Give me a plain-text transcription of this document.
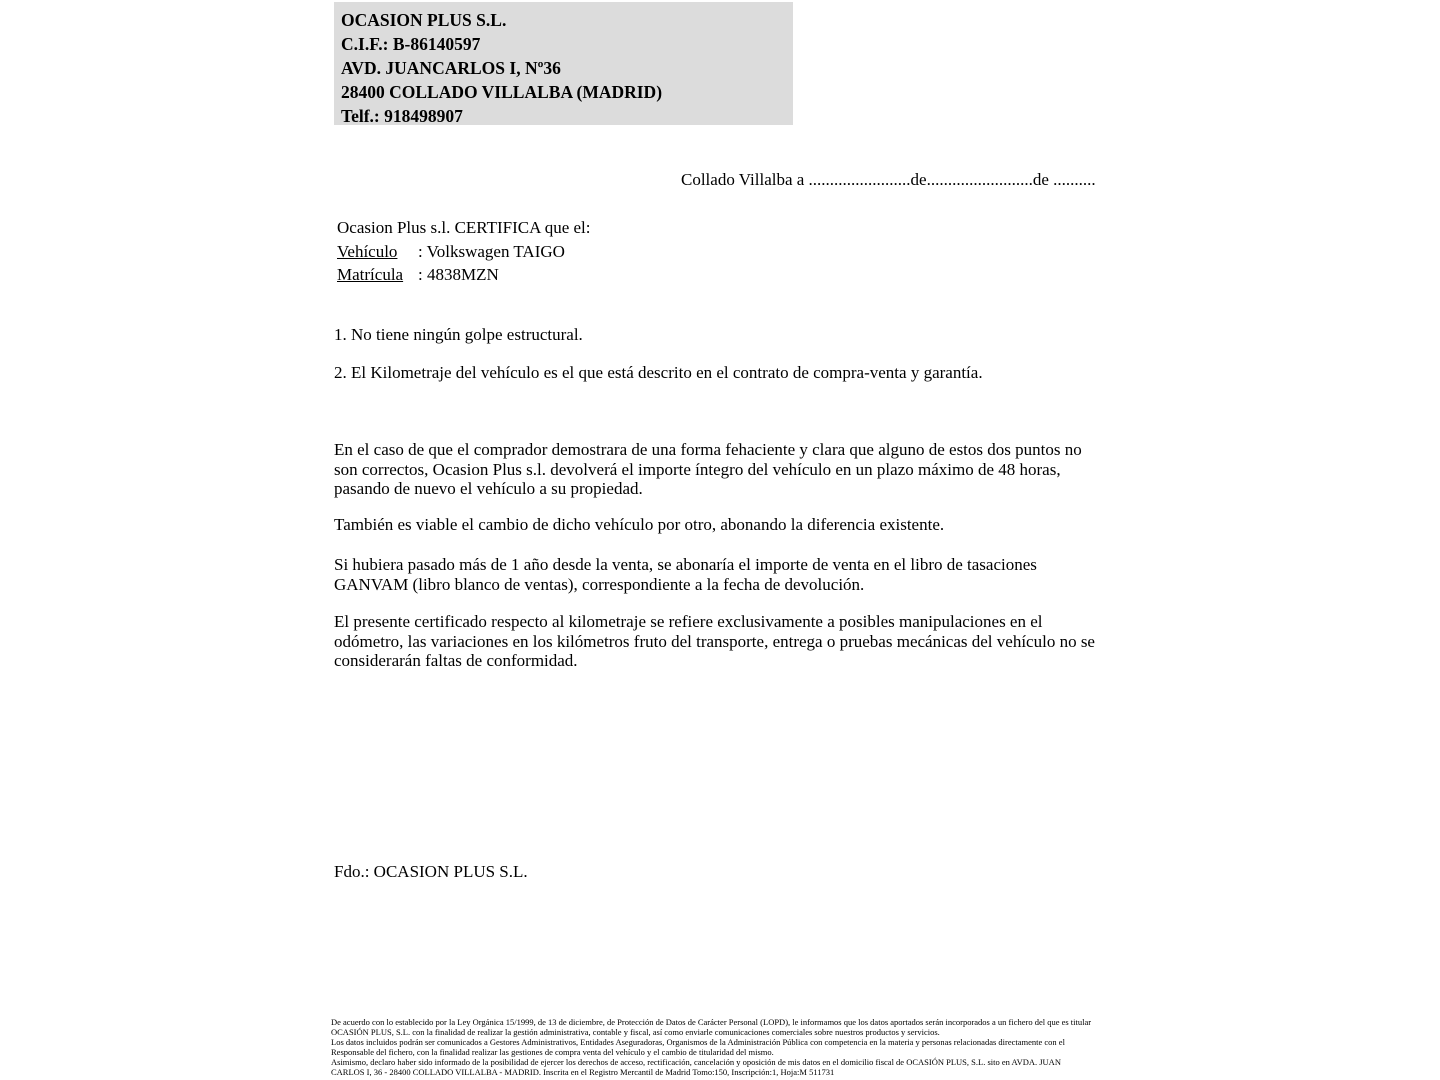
OCASION PLUS S.L.
C.I.F.: B-86140597
AVD. JUANCARLOS I, Nº36
28400 COLLADO VILLALBA (MADRID)
Telf.: 918498907
Collado Villalba a ........................de.........................de ..........
Ocasion Plus s.l. CERTIFICA que el:
Vehículo : Volkswagen TAIGO
Matrícula : 4838MZN
1. No tiene ningún golpe estructural.
2. El Kilometraje del vehículo es el que está descrito en el contrato de compra-venta y garantía.
En el caso de que el comprador demostrara de una forma fehaciente y clara que alguno de estos dos puntos no son correctos, Ocasion Plus s.l. devolverá el importe íntegro del vehículo en un plazo máximo de 48 horas, pasando de nuevo el vehículo a su propiedad.
También es viable el cambio de dicho vehículo por otro, abonando la diferencia existente.
Si hubiera pasado más de 1 año desde la venta, se abonaría el importe de venta en el libro de tasaciones GANVAM (libro blanco de ventas), correspondiente a la fecha de devolución.
El presente certificado respecto al kilometraje se refiere exclusivamente a posibles manipulaciones en el odómetro, las variaciones en los kilómetros fruto del transporte, entrega o pruebas mecánicas del vehículo no se considerarán faltas de conformidad.
Fdo.: OCASION PLUS S.L.
De acuerdo con lo establecido por la Ley Orgánica 15/1999, de 13 de diciembre, de Protección de Datos de Carácter Personal (LOPD), le informamos que los datos aportados serán incorporados a un fichero del que es titular
OCASIÓN PLUS, S.L. con la finalidad de realizar la gestión administrativa, contable y fiscal, así como enviarle comunicaciones comerciales sobre nuestros productos y servicios.
Los datos incluidos podrán ser comunicados a Gestores Administrativos, Entidades Aseguradoras, Organismos de la Administración Pública con competencia en la materia y personas relacionadas directamente con el
Responsable del fichero, con la finalidad realizar las gestiones de compra venta del vehículo y el cambio de titularidad del mismo.
Asimismo, declaro haber sido informado de la posibilidad de ejercer los derechos de acceso, rectificación, cancelación y oposición de mis datos en el domicilio fiscal de OCASIÓN PLUS, S.L. sito en AVDA. JUAN
CARLOS I, 36 - 28400 COLLADO VILLALBA - MADRID. Inscrita en el Registro Mercantil de Madrid Tomo:150, Inscripción:1, Hoja:M 511731
